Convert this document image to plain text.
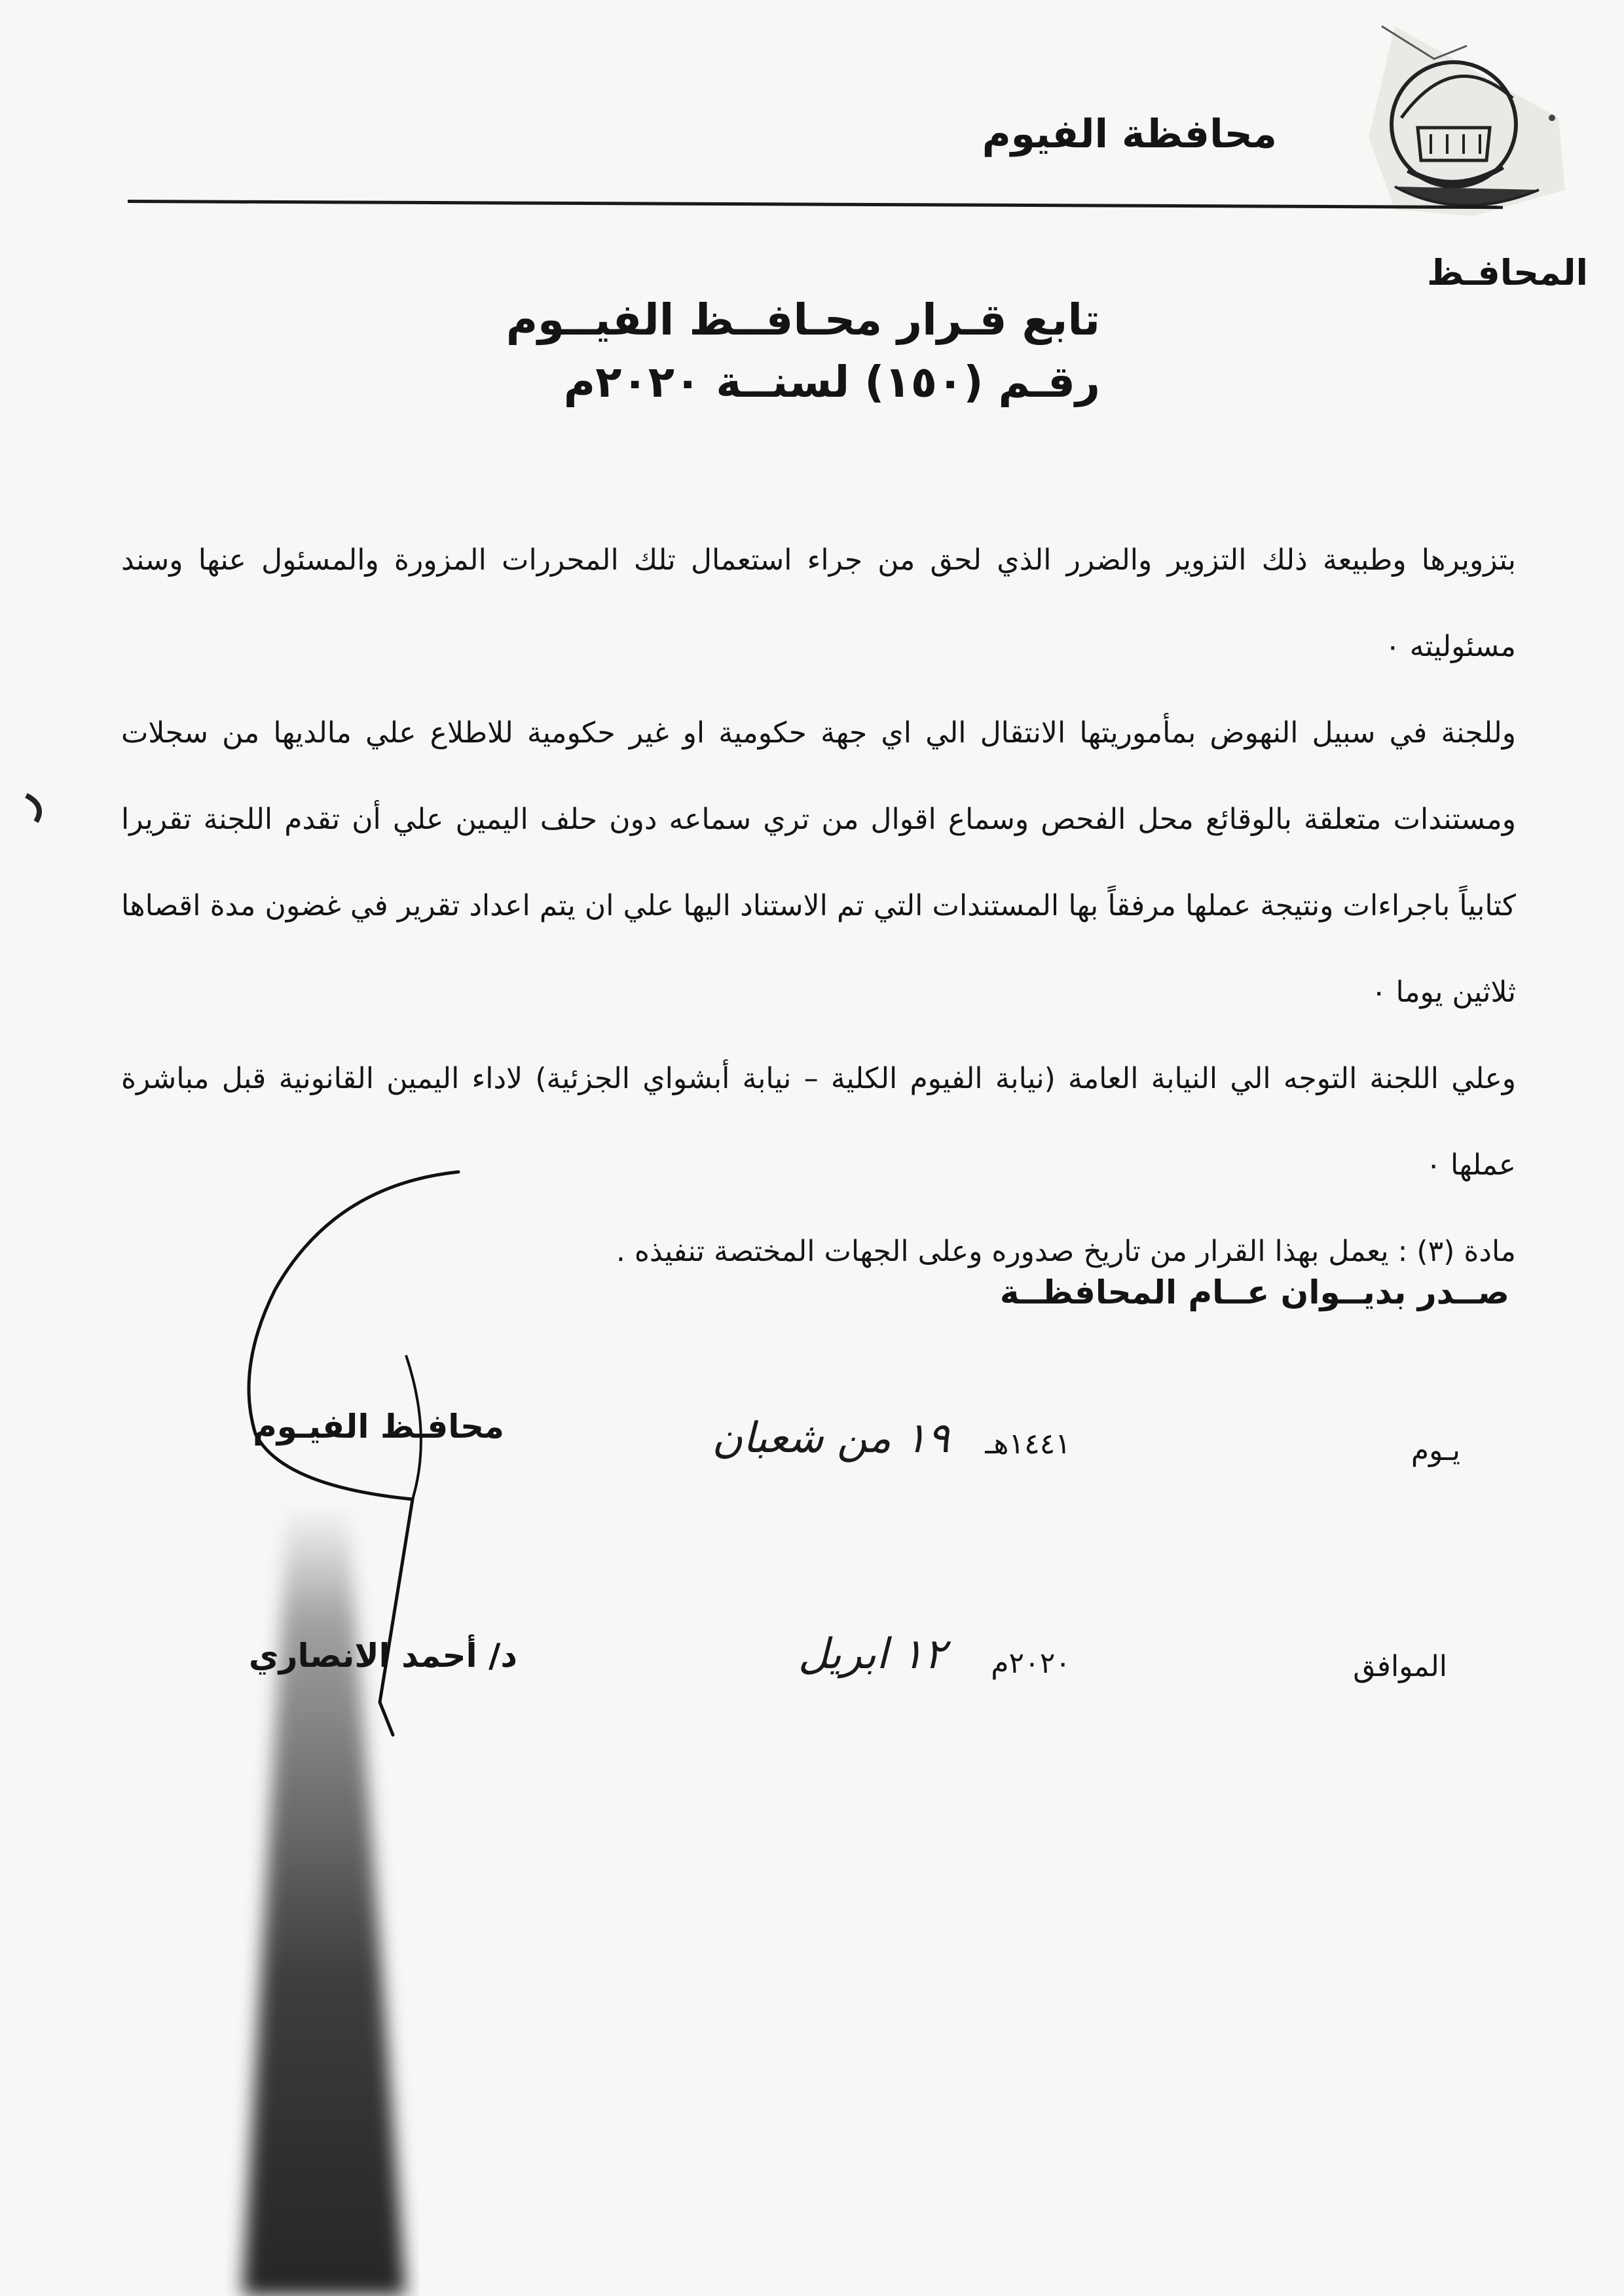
محافظة الفيوم
المحافـظ
تابع قـرار محـافــظ الفيــوم
رقـم (١٥٠) لسنــة ٢٠٢٠م

بتزويرها وطبيعة ذلك التزوير والضرر الذي لحق من جراء استعمال تلك المحررات المزورة والمسئول عنها وسند مسئوليته ٠

وللجنة في سبيل النهوض بمأموريتها الانتقال الي اي جهة حكومية او غير حكومية للاطلاع علي مالديها من سجلات ومستندات متعلقة بالوقائع محل الفحص وسماع اقوال من تري سماعه دون حلف اليمين علي أن تقدم اللجنة تقريرا كتابياً باجراءات ونتيجة عملها مرفقاً بها المستندات التي تم الاستناد اليها علي ان يتم اعداد تقرير في غضون مدة اقصاها ثلاثين يوما ٠

وعلي اللجنة التوجه الي النيابة العامة (نيابة الفيوم الكلية – نيابة أبشواي الجزئية) لاداء اليمين القانونية قبل مباشرة عملها ٠

مادة (٣) : يعمل بهذا القرار من تاريخ صدوره وعلى الجهات المختصة تنفيذه .

صــدر بديــوان عــام المحافظــة
يـوم
١٩ من شعبان ١٤٤١هـ
الموافق
١٢ ابريل ٢٠٢٠م
محافـظ الفيـوم
د/ أحمد الانصاري
